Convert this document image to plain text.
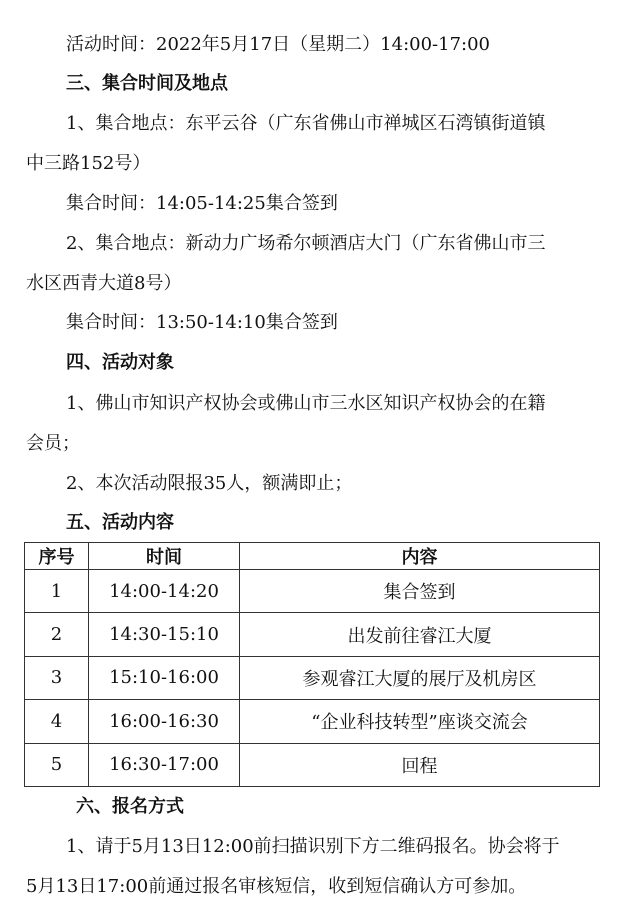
活动时间：2022年5月17日（星期二）14:00-17:00

三、集合时间及地点

1、集合地点：东平云谷（广东省佛山市禅城区石湾镇街道镇

中三路152号）

集合时间：14:05-14:25集合签到

2、集合地点：新动力广场希尔顿酒店大门（广东省佛山市三

水区西青大道8号）

集合时间：13:50-14:10集合签到

四、活动对象

1、佛山市知识产权协会或佛山市三水区知识产权协会的在籍

会员；

2、本次活动限报35人，额满即止；

五、活动内容

序号	时间	内容
1	14:00-14:20	集合签到
2	14:30-15:10	出发前往睿江大厦
3	15:10-16:00	参观睿江大厦的展厅及机房区
4	16:00-16:30	“企业科技转型”座谈交流会
5	16:30-17:00	回程

六、报名方式

1、请于5月13日12:00前扫描识别下方二维码报名。协会将于

5月13日17:00前通过报名审核短信，收到短信确认方可参加。
